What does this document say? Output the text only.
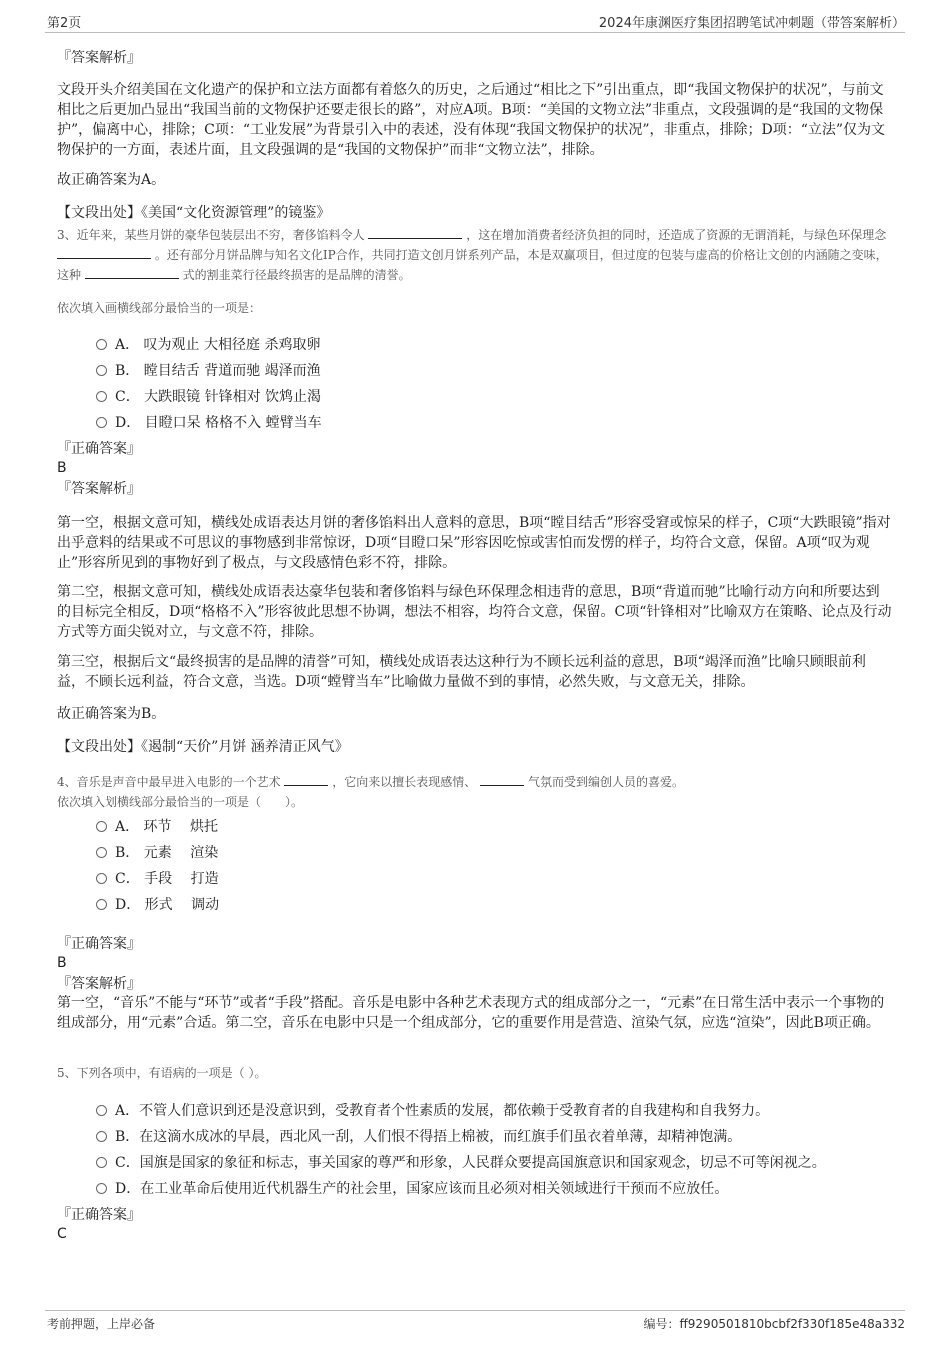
第2页	2024年康渊医疗集团招聘笔试冲刺题（带答案解析）
『答案解析』
文段开头介绍美国在文化遗产的保护和立法方面都有着悠久的历史，之后通过“相比之下”引出重点，即“我国文物保护的状况”，与前文相比之后更加凸显出“我国当前的文物保护还要走很长的路”，对应A项。B项：“美国的文物立法”非重点，文段强调的是“我国的文物保护”，偏离中心，排除；C项：“工业发展”为背景引入中的表述，没有体现“我国文物保护的状况”，非重点，排除；D项：“立法”仅为文物保护的一方面，表述片面，且文段强调的是“我国的文物保护”而非“文物立法”，排除。
故正确答案为A。
【文段出处】《美国“文化资源管理”的镜鉴》
3、近年来，某些月饼的豪华包装层出不穷，奢侈馅料令人	，这在增加消费者经济负担的同时，还造成了资源的无谓消耗，与绿色环保理念  。还有部分月饼品牌与知名文化IP合作，共同打造文创月饼系列产品，本是双赢项目，但过度的包装与虚高的价格让文创的内涵随之变味，这种	式的割韭菜行径最终损害的是品牌的清誉。
依次填入画横线部分最恰当的一项是：
A． 叹为观止 大相径庭 杀鸡取卵
B． 瞠目结舌 背道而驰 竭泽而渔
C． 大跌眼镜 针锋相对 饮鸩止渴
D． 目瞪口呆 格格不入 螳臂当车
『正确答案』
B
『答案解析』
第一空，根据文意可知，横线处成语表达月饼的奢侈馅料出人意料的意思，B项“瞠目结舌”形容受窘或惊呆的样子，C项“大跌眼镜”指对出乎意料的结果或不可思议的事物感到非常惊讶，D项“目瞪口呆”形容因吃惊或害怕而发愣的样子，均符合文意，保留。A项“叹为观止”形容所见到的事物好到了极点，与文段感情色彩不符，排除。
第二空，根据文意可知，横线处成语表达豪华包装和奢侈馅料与绿色环保理念相违背的意思，B项“背道而驰”比喻行动方向和所要达到的目标完全相反，D项“格格不入”形容彼此思想不协调，想法不相容，均符合文意，保留。C项“针锋相对”比喻双方在策略、论点及行动方式等方面尖锐对立，与文意不符，排除。
第三空，根据后文“最终损害的是品牌的清誉”可知，横线处成语表达这种行为不顾长远利益的意思，B项“竭泽而渔”比喻只顾眼前利益，不顾长远利益，符合文意，当选。D项“螳臂当车”比喻做力量做不到的事情，必然失败，与文意无关，排除。
故正确答案为B。
【文段出处】《遏制“天价”月饼 涵养清正风气》
4、音乐是声音中最早进入电影的一个艺术	，它向来以擅长表现感情、	气氛而受到编创人员的喜爱。
依次填入划横线部分最恰当的一项是（　　）。
A． 环节　 烘托
B． 元素　 渲染
C． 手段　 打造
D． 形式　 调动
『正确答案』
B
『答案解析』
第一空，“音乐”不能与“环节”或者“手段”搭配。音乐是电影中各种艺术表现方式的组成部分之一，“元素”在日常生活中表示一个事物的组成部分，用“元素”合适。第二空，音乐在电影中只是一个组成部分，它的重要作用是营造、渲染气氛，应选“渲染”，因此B项正确。
5、下列各项中，有语病的一项是（ ）。
A．不管人们意识到还是没意识到，受教育者个性素质的发展，都依赖于受教育者的自我建构和自我努力。
B．在这滴水成冰的早晨，西北风一刮，人们恨不得捂上棉被，而红旗手们虽衣着单薄，却精神饱满。
C．国旗是国家的象征和标志，事关国家的尊严和形象，人民群众要提高国旗意识和国家观念，切忌不可等闲视之。
D．在工业革命后使用近代机器生产的社会里，国家应该而且必须对相关领域进行干预而不应放任。
『正确答案』
C
考前押题，上岸必备	编号：ff9290501810bcbf2f330f185e48a332
